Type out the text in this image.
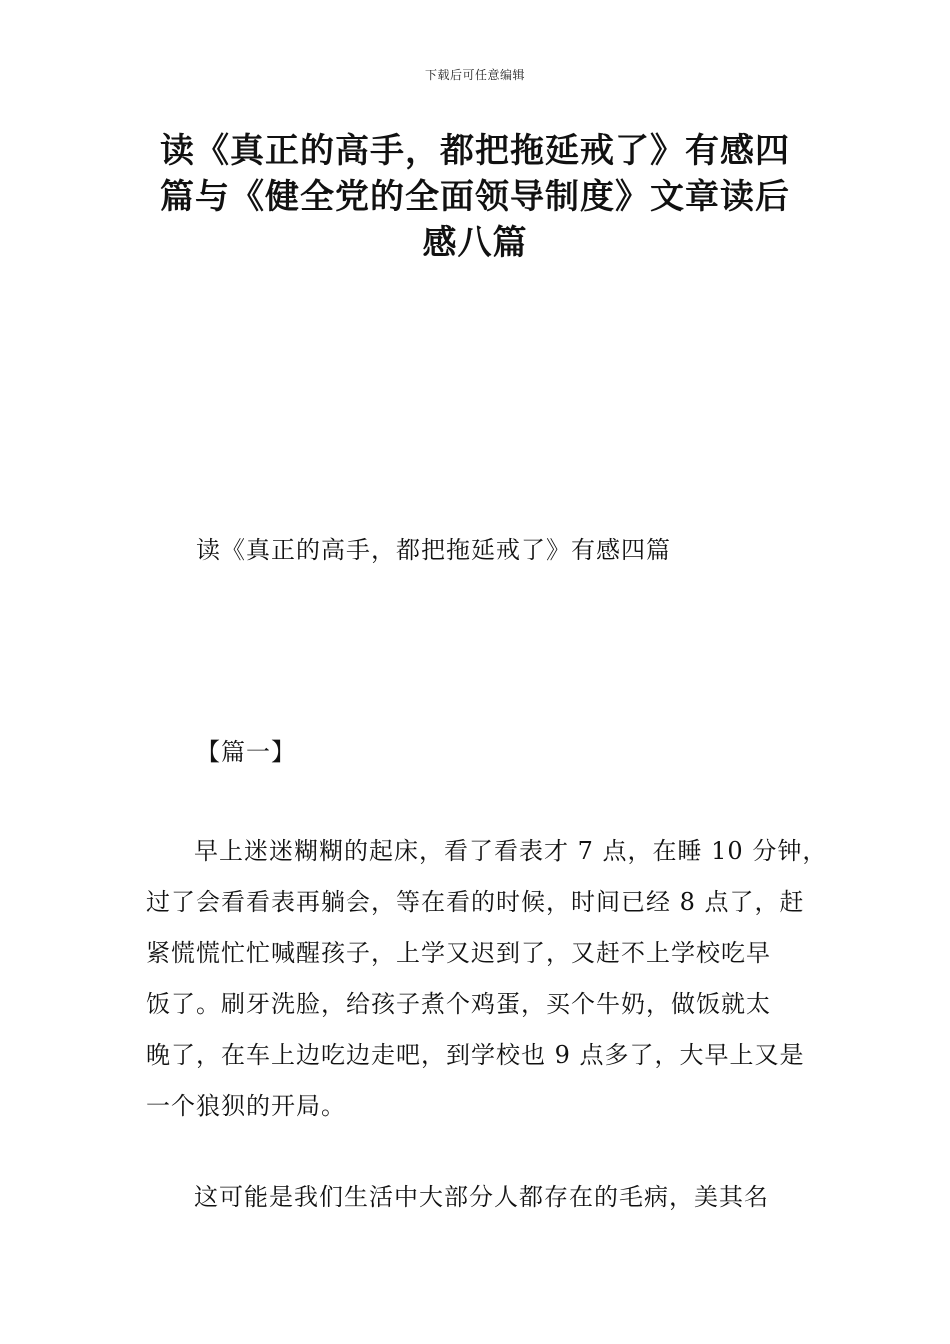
下载后可任意编辑
读《真正的高手，都把拖延戒了》有感四
篇与《健全党的全面领导制度》文章读后
感八篇

读《真正的高手，都把拖延戒了》有感四篇

【篇一】

早上迷迷糊糊的起床，看了看表才 7 点，在睡 10 分钟，
过了会看看表再躺会，等在看的时候，时间已经 8 点了，赶
紧慌慌忙忙喊醒孩子，上学又迟到了，又赶不上学校吃早
饭了。刷牙洗脸，给孩子煮个鸡蛋，买个牛奶，做饭就太
晚了，在车上边吃边走吧，到学校也 9 点多了，大早上又是
一个狼狈的开局。
这可能是我们生活中大部分人都存在的毛病，美其名
